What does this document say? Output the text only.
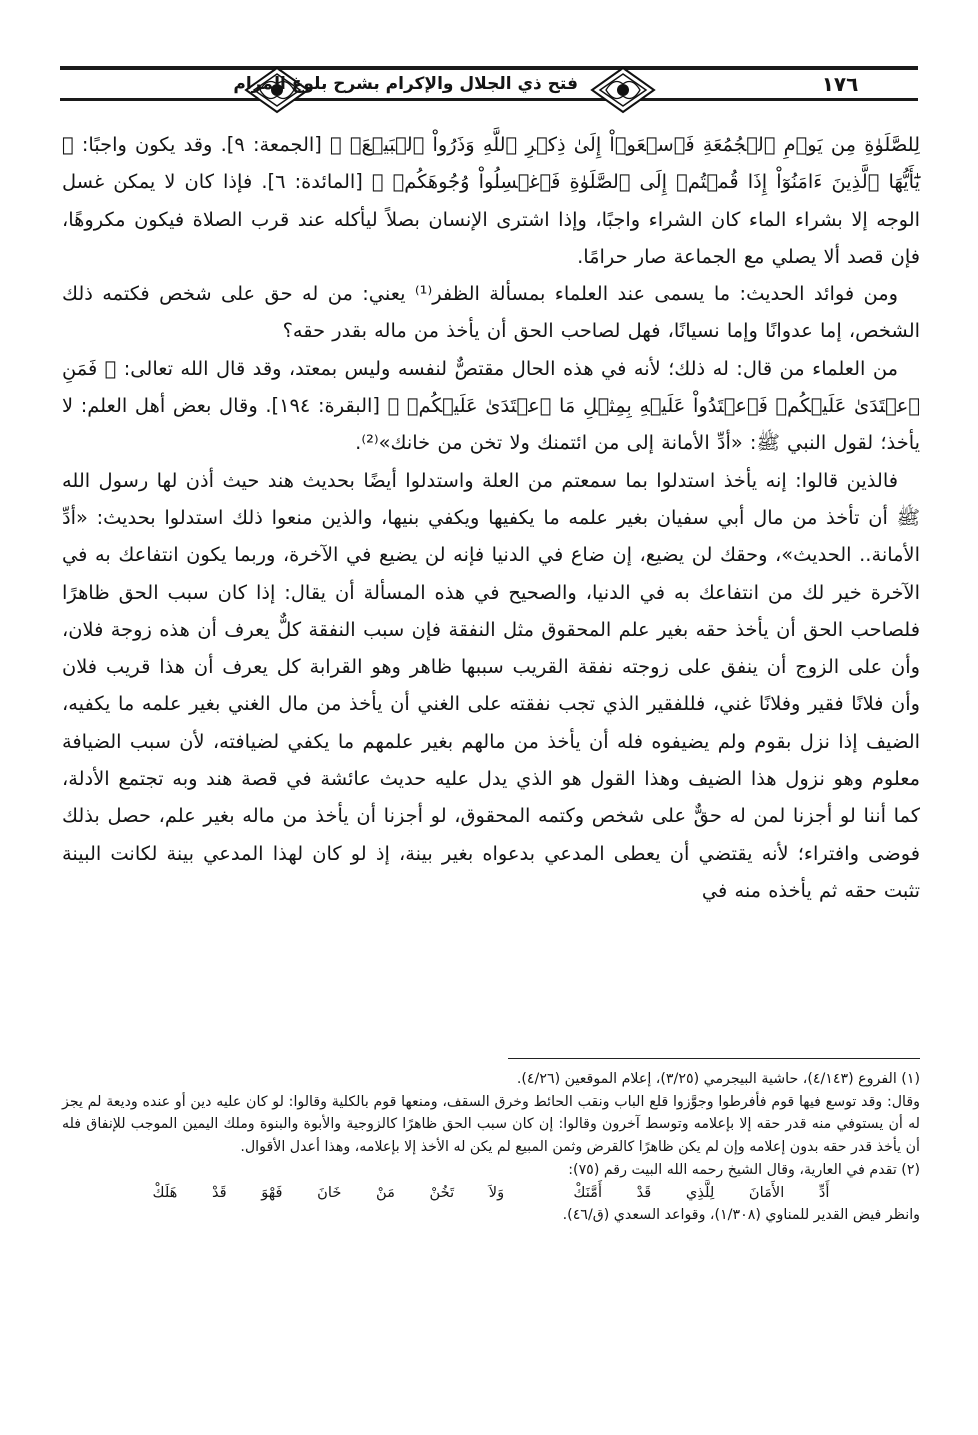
فتح ذي الجلال والإكرام بشرح بلوغ المرام	١٧٦

لِلصَّلَوٰةِ مِن يَوۡمِ ٱلۡجُمُعَةِ فَٱسۡعَوۡاْ إِلَىٰ ذِكۡرِ ٱللَّهِ وَذَرُواْ ٱلۡبَيۡعَۚ ﴾ [الجمعة: ٩]. وقد يكون واجبًا: ﴿ يَٰٓأَيُّهَا ٱلَّذِينَ ءَامَنُوٓاْ إِذَا قُمۡتُمۡ إِلَى ٱلصَّلَوٰةِ فَٱغۡسِلُواْ وُجُوهَكُمۡ ﴾ [المائدة: ٦]. فإذا كان لا يمكن غسل الوجه إلا بشراء الماء كان الشراء واجبًا، وإذا اشترى الإنسان بصلاً ليأكله عند قرب الصلاة فيكون مكروهًا، فإن قصد ألا يصلي مع الجماعة صار حرامًا.

ومن فوائد الحديث: ما يسمى عند العلماء بمسألة الظفر⁽¹⁾ يعني: من له حق على شخص فكتمه ذلك الشخص، إما عدوانًا وإما نسيانًا، فهل لصاحب الحق أن يأخذ من ماله بقدر حقه؟

من العلماء من قال: له ذلك؛ لأنه في هذه الحال مقتصٌّ لنفسه وليس بمعتد، وقد قال الله تعالى: ﴿ فَمَنِ ٱعۡتَدَىٰ عَلَيۡكُمۡ فَٱعۡتَدُواْ عَلَيۡهِ بِمِثۡلِ مَا ٱعۡتَدَىٰ عَلَيۡكُمۡ ﴾ [البقرة: ١٩٤]. وقال بعض أهل العلم: لا يأخذ؛ لقول النبي ﷺ: «أدِّ الأمانة إلى من ائتمنك ولا تخن من خانك»⁽²⁾.

فالذين قالوا: إنه يأخذ استدلوا بما سمعتم من العلة واستدلوا أيضًا بحديث هند حيث أذن لها رسول الله ﷺ أن تأخذ من مال أبي سفيان بغير علمه ما يكفيها ويكفي بنيها، والذين منعوا ذلك استدلوا بحديث: «أدِّ الأمانة.. الحديث»، وحقك لن يضيع، إن ضاع في الدنيا فإنه لن يضيع في الآخرة، وربما يكون انتفاعك به في الآخرة خير لك من انتفاعك به في الدنيا، والصحيح في هذه المسألة أن يقال: إذا كان سبب الحق ظاهرًا فلصاحب الحق أن يأخذ حقه بغير علم المحقوق مثل النفقة فإن سبب النفقة كلٌّ يعرف أن هذه زوجة فلان، وأن على الزوج أن ينفق على زوجته نفقة القريب سببها ظاهر وهو القرابة كل يعرف أن هذا قريب فلان وأن فلانًا فقير وفلانًا غني، فللفقير الذي تجب نفقته على الغني أن يأخذ من مال الغني بغير علمه ما يكفيه، الضيف إذا نزل بقوم ولم يضيفوه فله أن يأخذ من مالهم بغير علمهم ما يكفي لضيافته، لأن سبب الضيافة معلوم وهو نزول هذا الضيف وهذا القول هو الذي يدل عليه حديث عائشة في قصة هند وبه تجتمع الأدلة، كما أننا لو أجزنا لمن له حقٌّ على شخص وكتمه المحقوق، لو أجزنا أن يأخذ من ماله بغير علم، حصل بذلك فوضى وافتراء؛ لأنه يقتضي أن يعطى المدعي بدعواه بغير بينة، إذ لو كان لهذا المدعي بينة لكانت البينة تثبت حقه ثم يأخذه منه في

(١) الفروع (٤/١٤٣)، حاشية البيجرمي (٣/٢٥)، إعلام الموقعين (٤/٢٦).

وقال: وقد توسع فيها قوم فأفرطوا وجوَّزوا قلع الباب ونقب الحائط وخرق السقف، ومنعها قوم بالكلية وقالوا: لو كان عليه دين أو عنده وديعة لم يجز له أن يستوفي منه قدر حقه إلا بإعلامه وتوسط آخرون وقالوا: إن كان سبب الحق ظاهرًا كالزوجية والأبوة والبنوة وملك اليمين الموجب للإنفاق فله أن يأخذ قدر حقه بدون إعلامه وإن لم يكن ظاهرًا كالقرض وثمن المبيع لم يكن له الأخذ إلا بإعلامه، وهذا أعدل الأقوال.

(٢) تقدم في العارية، وقال الشيخ رحمه الله البيت رقم (٧٥):

أَدِّ الأَمَانَ لِلَّذِي قَدْ أَمَّنَكْ ‌‌ وَلاَ تَخُنْ مَنْ خَانَ فَهْوَ قَدْ هَلَكْ

وانظر فيض القدير للمناوي (١/٣٠٨)، وقواعد السعدي (ق/٤٦).
